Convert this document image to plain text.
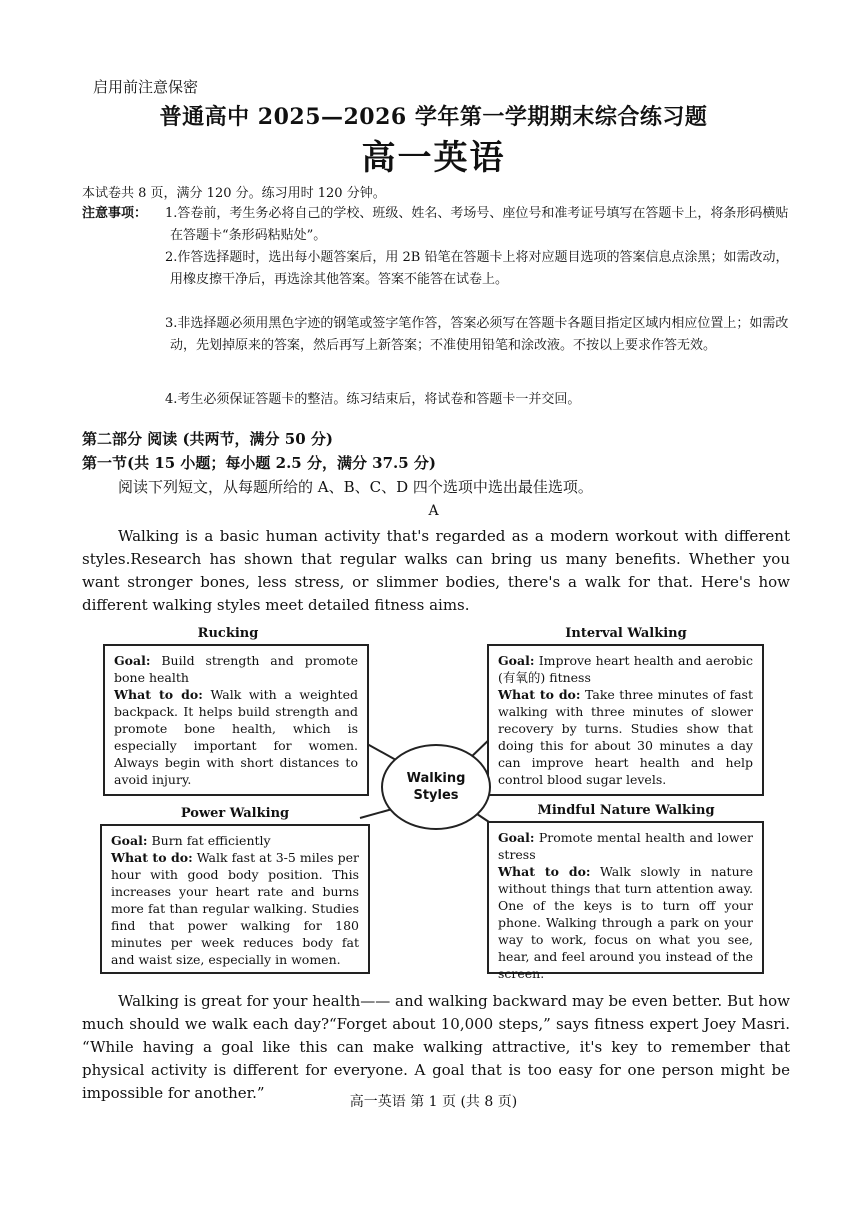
启用前注意保密
普通高中 2025—2026 学年第一学期期末综合练习题
高一英语
本试卷共 8 页，满分 120 分。练习用时 120 分钟。
注意事项： 1.答卷前，考生务必将自己的学校、班级、姓名、考场号、座位号和准考证号填写在答题卡上，将条形码横贴在答题卡“条形码粘贴处”。
2.作答选择题时，选出每小题答案后，用 2B 铅笔在答题卡上将对应题目选项的答案信息点涂黑；如需改动，用橡皮擦干净后，再选涂其他答案。答案不能答在试卷上。
3.非选择题必须用黑色字迹的钢笔或签字笔作答，答案必须写在答题卡各题目指定区域内相应位置上；如需改动，先划掉原来的答案，然后再写上新答案；不准使用铅笔和涂改液。不按以上要求作答无效。
4.考生必须保证答题卡的整洁。练习结束后，将试卷和答题卡一并交回。
第二部分 阅读 (共两节，满分 50 分)
第一节(共 15 小题；每小题 2.5 分，满分 37.5 分)
阅读下列短文，从每题所给的 A、B、C、D 四个选项中选出最佳选项。
A
Walking is a basic human activity that's regarded as a modern workout with different styles.Research has shown that regular walks can bring us many benefits. Whether you want stronger bones, less stress, or slimmer bodies, there's a walk for that. Here's how different walking styles meet detailed fitness aims.
Rucking
Goal: Build strength and promote bone health
What to do: Walk with a weighted backpack. It helps build strength and promote bone health, which is especially important for women. Always begin with short distances to avoid injury.
Interval Walking
Goal: Improve heart health and aerobic (有氧的) fitness
What to do: Take three minutes of fast walking with three minutes of slower recovery by turns. Studies show that doing this for about 30 minutes a day can improve heart health and help control blood sugar levels.
Walking Styles
Power Walking
Goal: Burn fat efficiently
What to do: Walk fast at 3-5 miles per hour with good body position. This increases your heart rate and burns more fat than regular walking. Studies find that power walking for 180 minutes per week reduces body fat and waist size, especially in women.
Mindful Nature Walking
Goal: Promote mental health and lower stress
What to do: Walk slowly in nature without things that turn attention away. One of the keys is to turn off your phone. Walking through a park on your way to work, focus on what you see, hear, and feel around you instead of the screen.
Walking is great for your health—— and walking backward may be even better. But how much should we walk each day?“Forget about 10,000 steps,” says fitness expert Joey Masri. “While having a goal like this can make walking attractive, it's key to remember that physical activity is different for everyone. A goal that is too easy for one person might be impossible for another.”	高一英语 第 1 页 (共 8 页)
